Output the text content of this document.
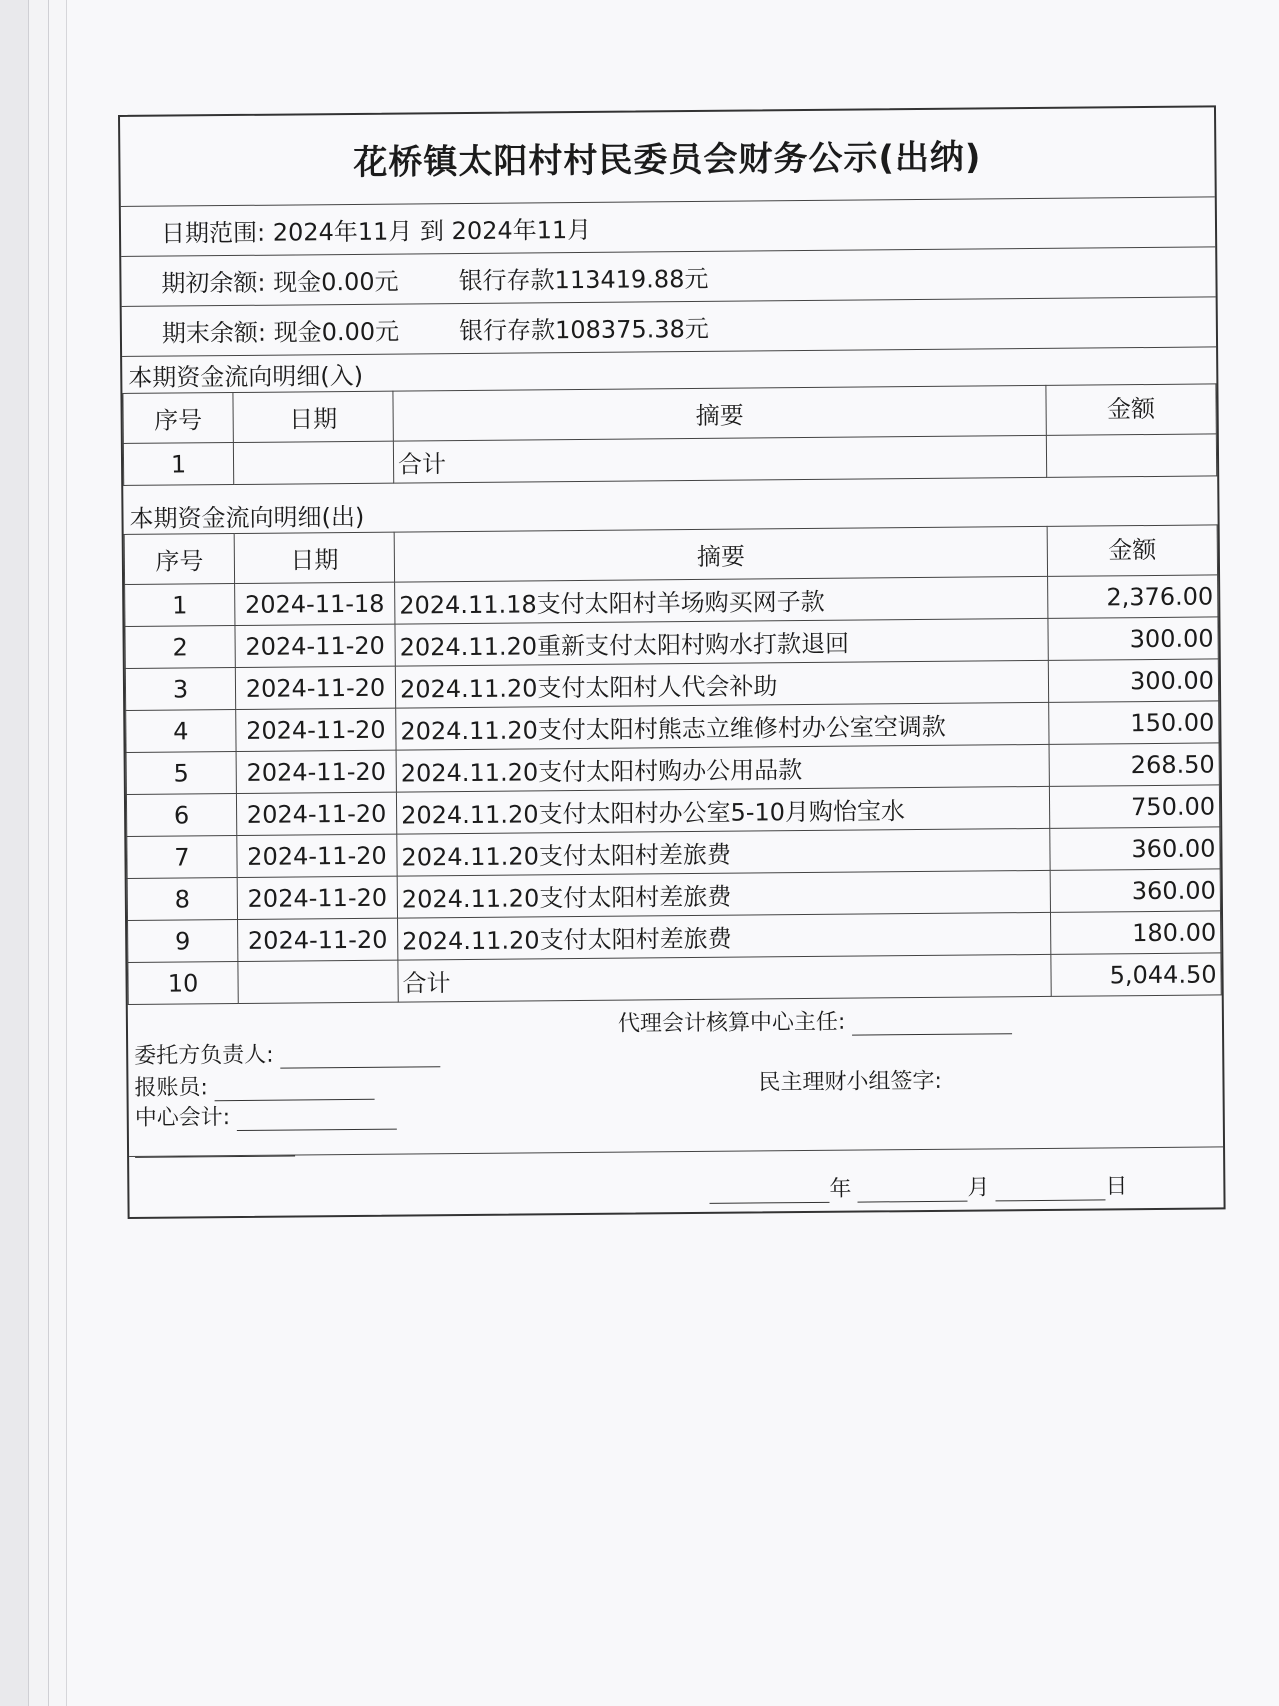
花桥镇太阳村村民委员会财务公示(出纳)
日期范围: 2024年11月 到 2024年11月
期初余额: 现金0.00元 银行存款113419.88元
期末余额: 现金0.00元 银行存款108375.38元
本期资金流向明细(入)
序号	日期	摘要	金额
1		合计	
本期资金流向明细(出)
序号	日期	摘要	金额
1	2024-11-18	2024.11.18支付太阳村羊场购买网子款	2,376.00
2	2024-11-20	2024.11.20重新支付太阳村购水打款退回	300.00
3	2024-11-20	2024.11.20支付太阳村人代会补助	300.00
4	2024-11-20	2024.11.20支付太阳村熊志立维修村办公室空调款	150.00
5	2024-11-20	2024.11.20支付太阳村购办公用品款	268.50
6	2024-11-20	2024.11.20支付太阳村办公室5-10月购怡宝水	750.00
7	2024-11-20	2024.11.20支付太阳村差旅费	360.00
8	2024-11-20	2024.11.20支付太阳村差旅费	360.00
9	2024-11-20	2024.11.20支付太阳村差旅费	180.00
10		合计	5,044.50
代理会计核算中心主任:
委托方负责人:
报账员:	民主理财小组签字:
中心会计:
年	月	日
